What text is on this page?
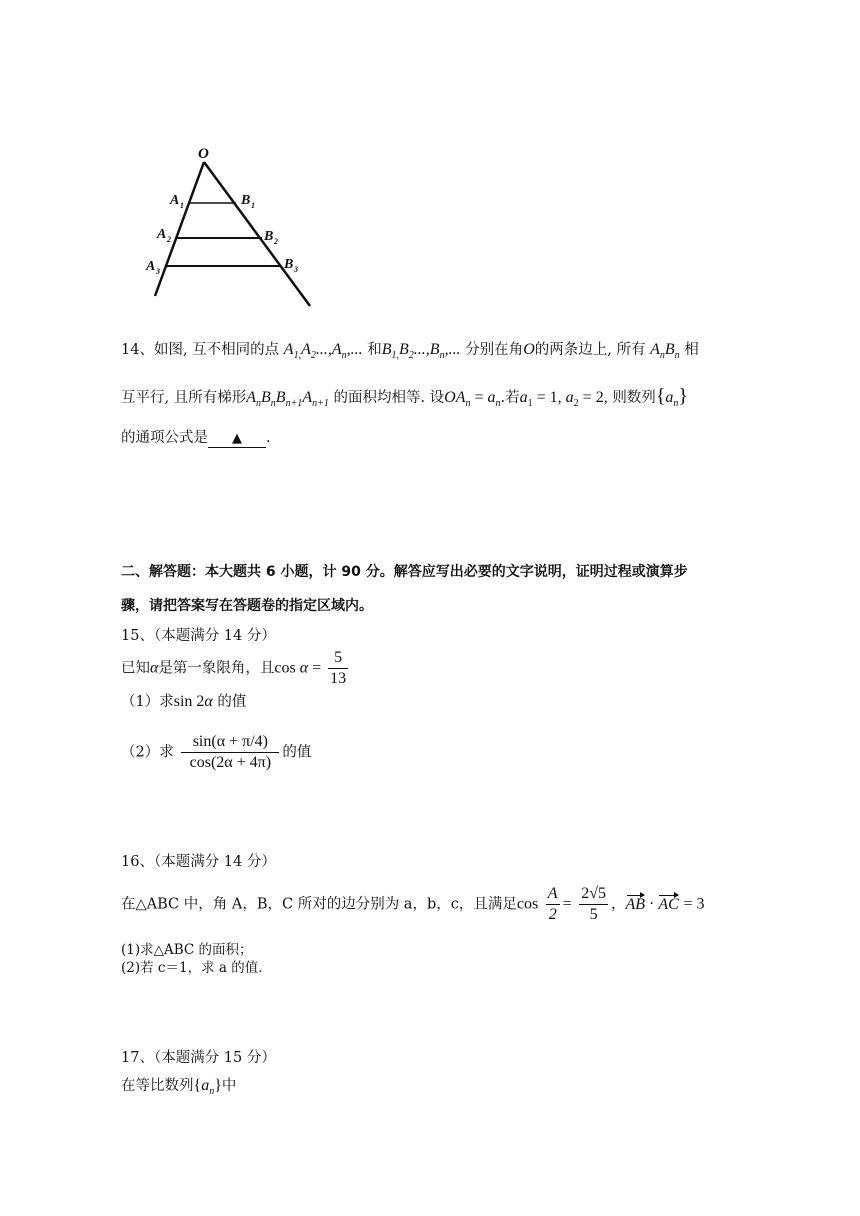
O
A 1	B 1
A 2	B 2
A 3	B 3
14、如图, 互不相同的点 $A_{1,}A_2...,A_n$,... 和$B_{1,}B_2...,B_n$,... 分别在角O的两条边上, 所有 $A_nB_n$ 相
互平行, 且所有梯形$A_nB_nB_{n+1}A_{n+1}$ 的面积均相等. 设$OA_n = a_n$.若$a_1 = 1$, $a_2 = 2$, 则数列$\{a_n\}$
的通项公式是 ▲ .
二、解答题：本大题共 6 小题，计 90 分。解答应写出必要的文字说明，证明过程或演算步
骤，请把答案写在答题卷的指定区域内。
15、（本题满分 14 分）
已知α是第一象限角，且$\cos \alpha = \frac{5}{13}$
（1）求sin 2α 的值
（2）求 $\frac{\sin(\alpha + \pi/4)}{\cos(2\alpha + 4\pi)}$ 的值
16、（本题满分 14 分）
在△ABC 中，角 A，B，C 所对的边分别为 a，b，c，且满足$\cos \frac{A}{2} = \frac{2√5}{5}$ ，AB · AC = 3
(1)求△ABC 的面积；
(2)若 c＝1，求 a 的值．
17、（本题满分 15 分）
在等比数列$\{a_n\}$中
